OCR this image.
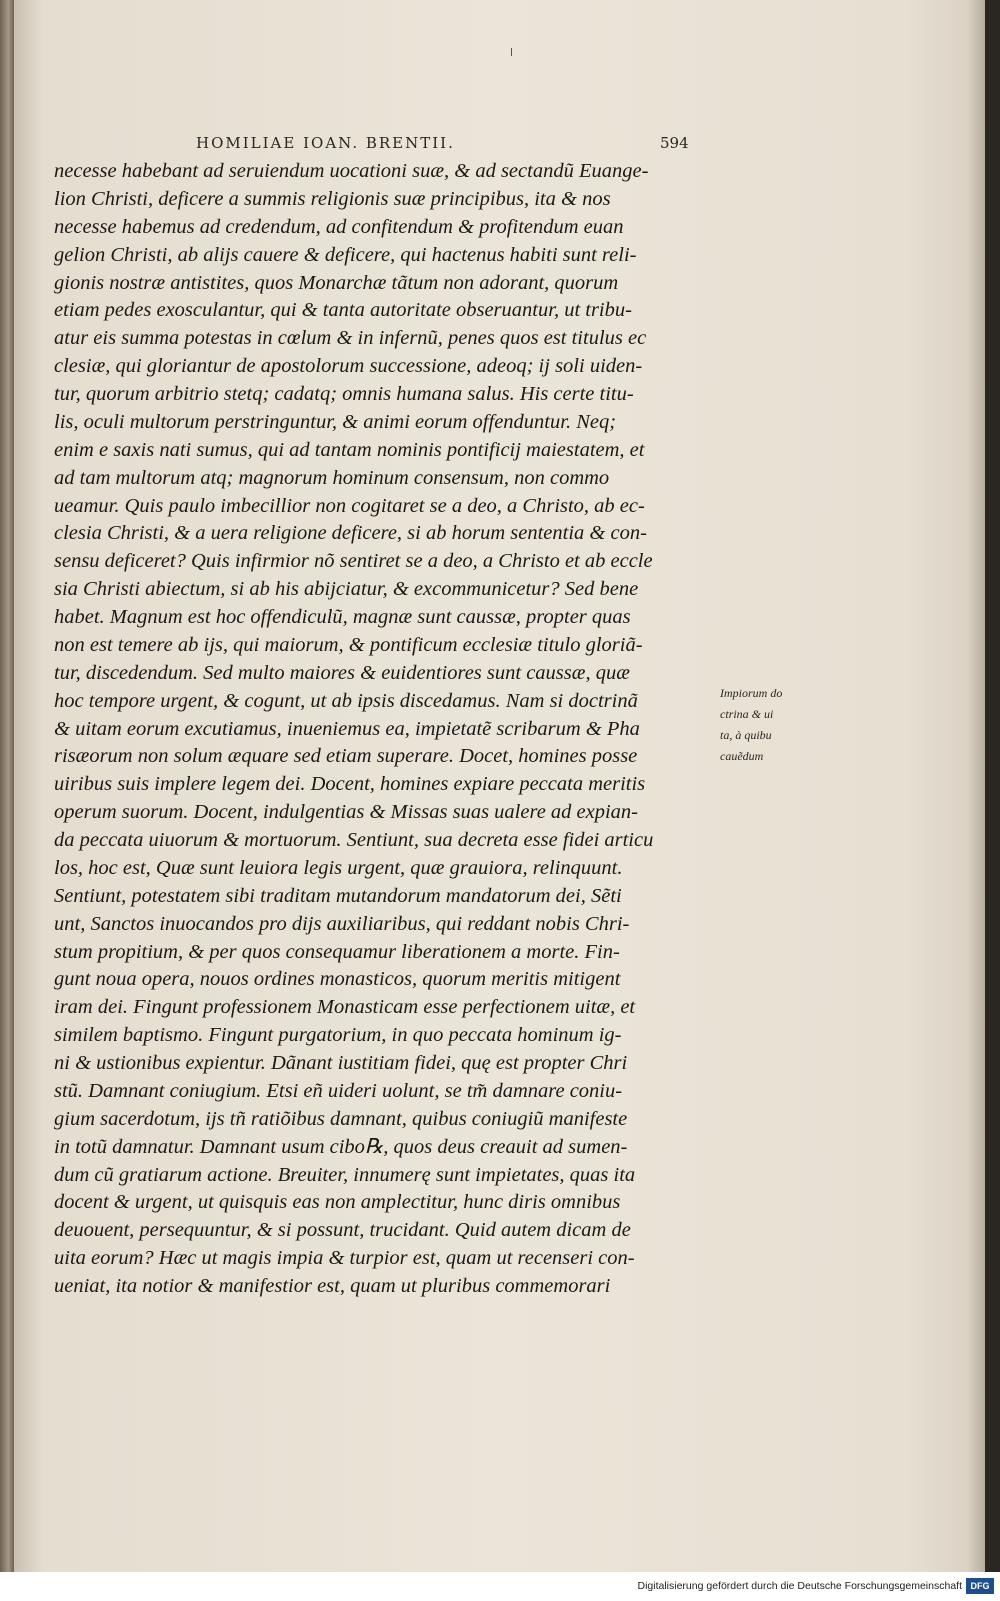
HOMILIAE IOAN. BRENTII.	594
necesse habebant ad seruiendum uocationi suæ, & ad sectandũ Euange-
lion Christi, deficere a summis religionis suæ principibus, ita & nos
necesse habemus ad credendum, ad confitendum & profitendum euan
gelion Christi, ab alijs cauere & deficere, qui hactenus habiti sunt reli-
gionis nostræ antistites, quos Monarchæ tãtum non adorant, quorum
etiam pedes exosculantur, qui & tanta autoritate obseruantur, ut tribu-
atur eis summa potestas in cœlum & in infernũ, penes quos est titulus ec
clesiæ, qui gloriantur de apostolorum successione, adeoq; ij soli uiden-
tur, quorum arbitrio stetq; cadatq; omnis humana salus. His certe titu-
lis, oculi multorum perstringuntur, & animi eorum offenduntur. Neq;
enim e saxis nati sumus, qui ad tantam nominis pontificij maiestatem, et
ad tam multorum atq; magnorum hominum consensum, non commo
ueamur. Quis paulo imbecillior non cogitaret se a deo, a Christo, ab ec-
clesia Christi, & a uera religione deficere, si ab horum sententia & con-
sensu deficeret? Quis infirmior nõ sentiret se a deo, a Christo et ab eccle
sia Christi abiectum, si ab his abijciatur, & excommunicetur? Sed bene
habet. Magnum est hoc offendiculũ, magnæ sunt caussæ, propter quas
non est temere ab ijs, qui maiorum, & pontificum ecclesiæ titulo gloriã-
tur, discedendum. Sed multo maiores & euidentiores sunt caussæ, quæ
hoc tempore urgent, & cogunt, ut ab ipsis discedamus. Nam si doctrinã
& uitam eorum excutiamus, inueniemus ea, impietatẽ scribarum & Pha
risæorum non solum æquare sed etiam superare. Docet, homines posse
uiribus suis implere legem dei. Docent, homines expiare peccata meritis
operum suorum. Docent, indulgentias & Missas suas ualere ad expian-
da peccata uiuorum & mortuorum. Sentiunt, sua decreta esse fidei articu
los, hoc est, Quæ sunt leuiora legis urgent, quæ grauiora, relinquunt.
Sentiunt, potestatem sibi traditam mutandorum mandatorum dei, Sẽti
unt, Sanctos inuocandos pro dijs auxiliaribus, qui reddant nobis Chri-
stum propitium, & per quos consequamur liberationem a morte. Fin-
gunt noua opera, nouos ordines monasticos, quorum meritis mitigent
iram dei. Fingunt professionem Monasticam esse perfectionem uitæ, et
similem baptismo. Fingunt purgatorium, in quo peccata hominum ig-
ni & ustionibus expientur. Dãnant iustitiam fidei, quę est propter Chri
stũ. Damnant coniugium. Etsi eñ uideri uolunt, se tm̃ damnare coniu-
gium sacerdotum, ijs tñ ratiõibus damnant, quibus coniugiũ manifeste
in totũ damnatur. Damnant usum cibo℞, quos deus creauit ad sumen-
dum cũ gratiarum actione. Breuiter, innumerę sunt impietates, quas ita
docent & urgent, ut quisquis eas non amplectitur, hunc diris omnibus
deuouent, persequuntur, & si possunt, trucidant. Quid autem dicam de
uita eorum? Hæc ut magis impia & turpior est, quam ut recenseri con-
ueniat, ita notior & manifestior est, quam ut pluribus commemorari
Impiorum do
ctrina & ui
ta, à quibu
cauẽdum
Digitalisierung gefördert durch die Deutsche Forschungsgemeinschaft DFG
